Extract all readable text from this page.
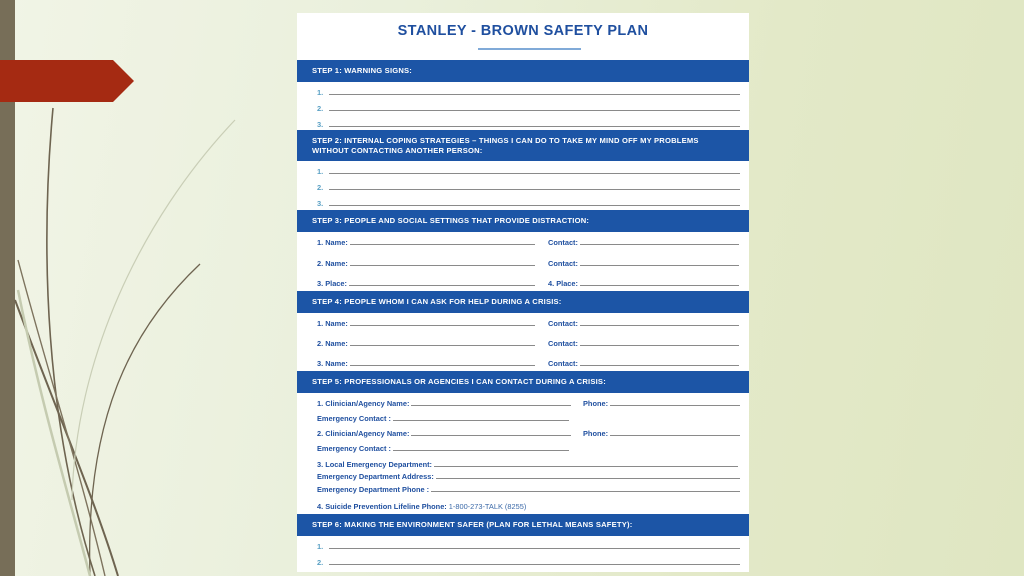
STANLEY - BROWN SAFETY PLAN
STEP 1: WARNING SIGNS:
1.
2.
3.
STEP 2: INTERNAL COPING STRATEGIES – THINGS I CAN DO TO TAKE MY MIND OFF MY PROBLEMS
WITHOUT CONTACTING ANOTHER PERSON:
1.
2.
3.
STEP 3: PEOPLE AND SOCIAL SETTINGS THAT PROVIDE DISTRACTION:
1. Name:	Contact:
2. Name:	Contact:
3. Place:	4. Place:
STEP 4: PEOPLE WHOM I CAN ASK FOR HELP DURING A CRISIS:
1. Name:	Contact:
2. Name:	Contact:
3. Name:	Contact:
STEP 5: PROFESSIONALS OR AGENCIES I CAN CONTACT DURING A CRISIS:
1. Clinician/Agency Name:	Phone:
Emergency Contact :
2. Clinician/Agency Name:	Phone:
Emergency Contact :
3. Local Emergency Department:
Emergency Department Address:
Emergency Department Phone :
4. Suicide Prevention Lifeline Phone: 1-800-273-TALK (8255)
STEP 6: MAKING THE ENVIRONMENT SAFER (PLAN FOR LETHAL MEANS SAFETY):
1.
2.
